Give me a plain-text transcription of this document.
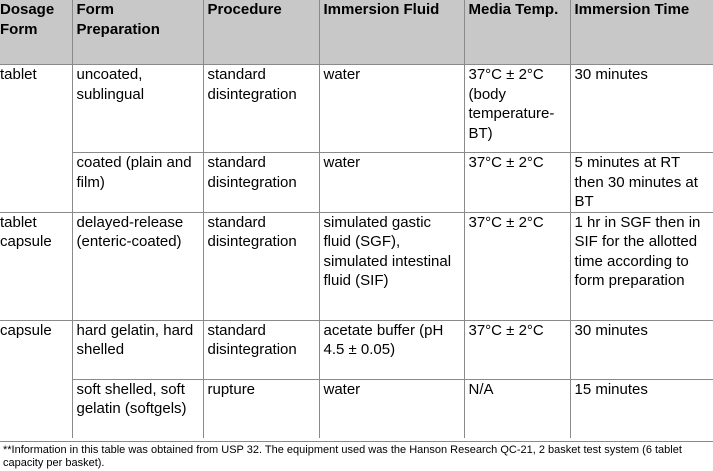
Dosage Form	Form Preparation	Procedure	Immersion Fluid	Media Temp.	Immersion Time
tablet	uncoated, sublingual	standard disintegration	water	37°C ± 2°C (body temperature-BT)	30 minutes
	coated (plain and film)	standard disintegration	water	37°C ± 2°C	5 minutes at RT then 30 minutes at BT
tablet capsule	delayed-release (enteric-coated)	standard disintegration	simulated gastic fluid (SGF), simulated intestinal fluid (SIF)	37°C ± 2°C	1 hr in SGF then in SIF for the allotted time according to form preparation
capsule	hard gelatin, hard shelled	standard disintegration	acetate buffer (pH 4.5 ± 0.05)	37°C ± 2°C	30 minutes
	soft shelled, soft gelatin (softgels)	rupture	water	N/A	15 minutes
**Information in this table was obtained from USP 32. The equipment used was the Hanson Research QC-21, 2 basket test system (6 tablet capacity per basket).
